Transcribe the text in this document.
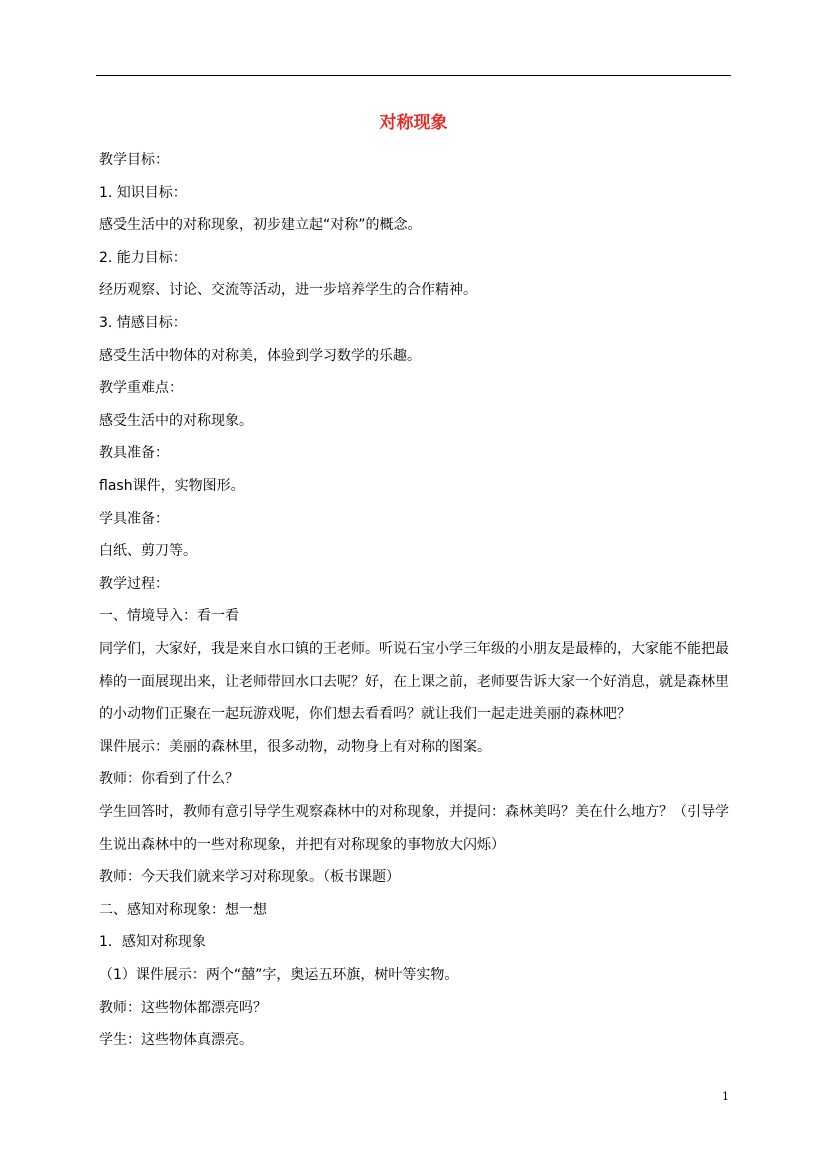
对称现象

教学目标：

1. 知识目标：

感受生活中的对称现象，初步建立起“对称”的概念。

2. 能力目标：

经历观察、讨论、交流等活动，进一步培养学生的合作精神。

3. 情感目标：

感受生活中物体的对称美，体验到学习数学的乐趣。

教学重难点：

感受生活中的对称现象。

教具准备：

flash课件，实物图形。

学具准备：

白纸、剪刀等。

教学过程：

一、情境导入：看一看

同学们，大家好，我是来自水口镇的王老师。听说石宝小学三年级的小朋友是最棒的，大家能不能把最棒的一面展现出来，让老师带回水口去呢？好，在上课之前，老师要告诉大家一个好消息，就是森林里的小动物们正聚在一起玩游戏呢，你们想去看看吗？就让我们一起走进美丽的森林吧？

课件展示：美丽的森林里，很多动物，动物身上有对称的图案。

教师：你看到了什么？

学生回答时，教师有意引导学生观察森林中的对称现象，并提问：森林美吗？美在什么地方？（引导学生说出森林中的一些对称现象，并把有对称现象的事物放大闪烁）

教师：今天我们就来学习对称现象。（板书课题）

二、感知对称现象：想一想

1．感知对称现象

（1）课件展示：两个“囍”字，奥运五环旗，树叶等实物。

教师：这些物体都漂亮吗？

学生：这些物体真漂亮。

1
